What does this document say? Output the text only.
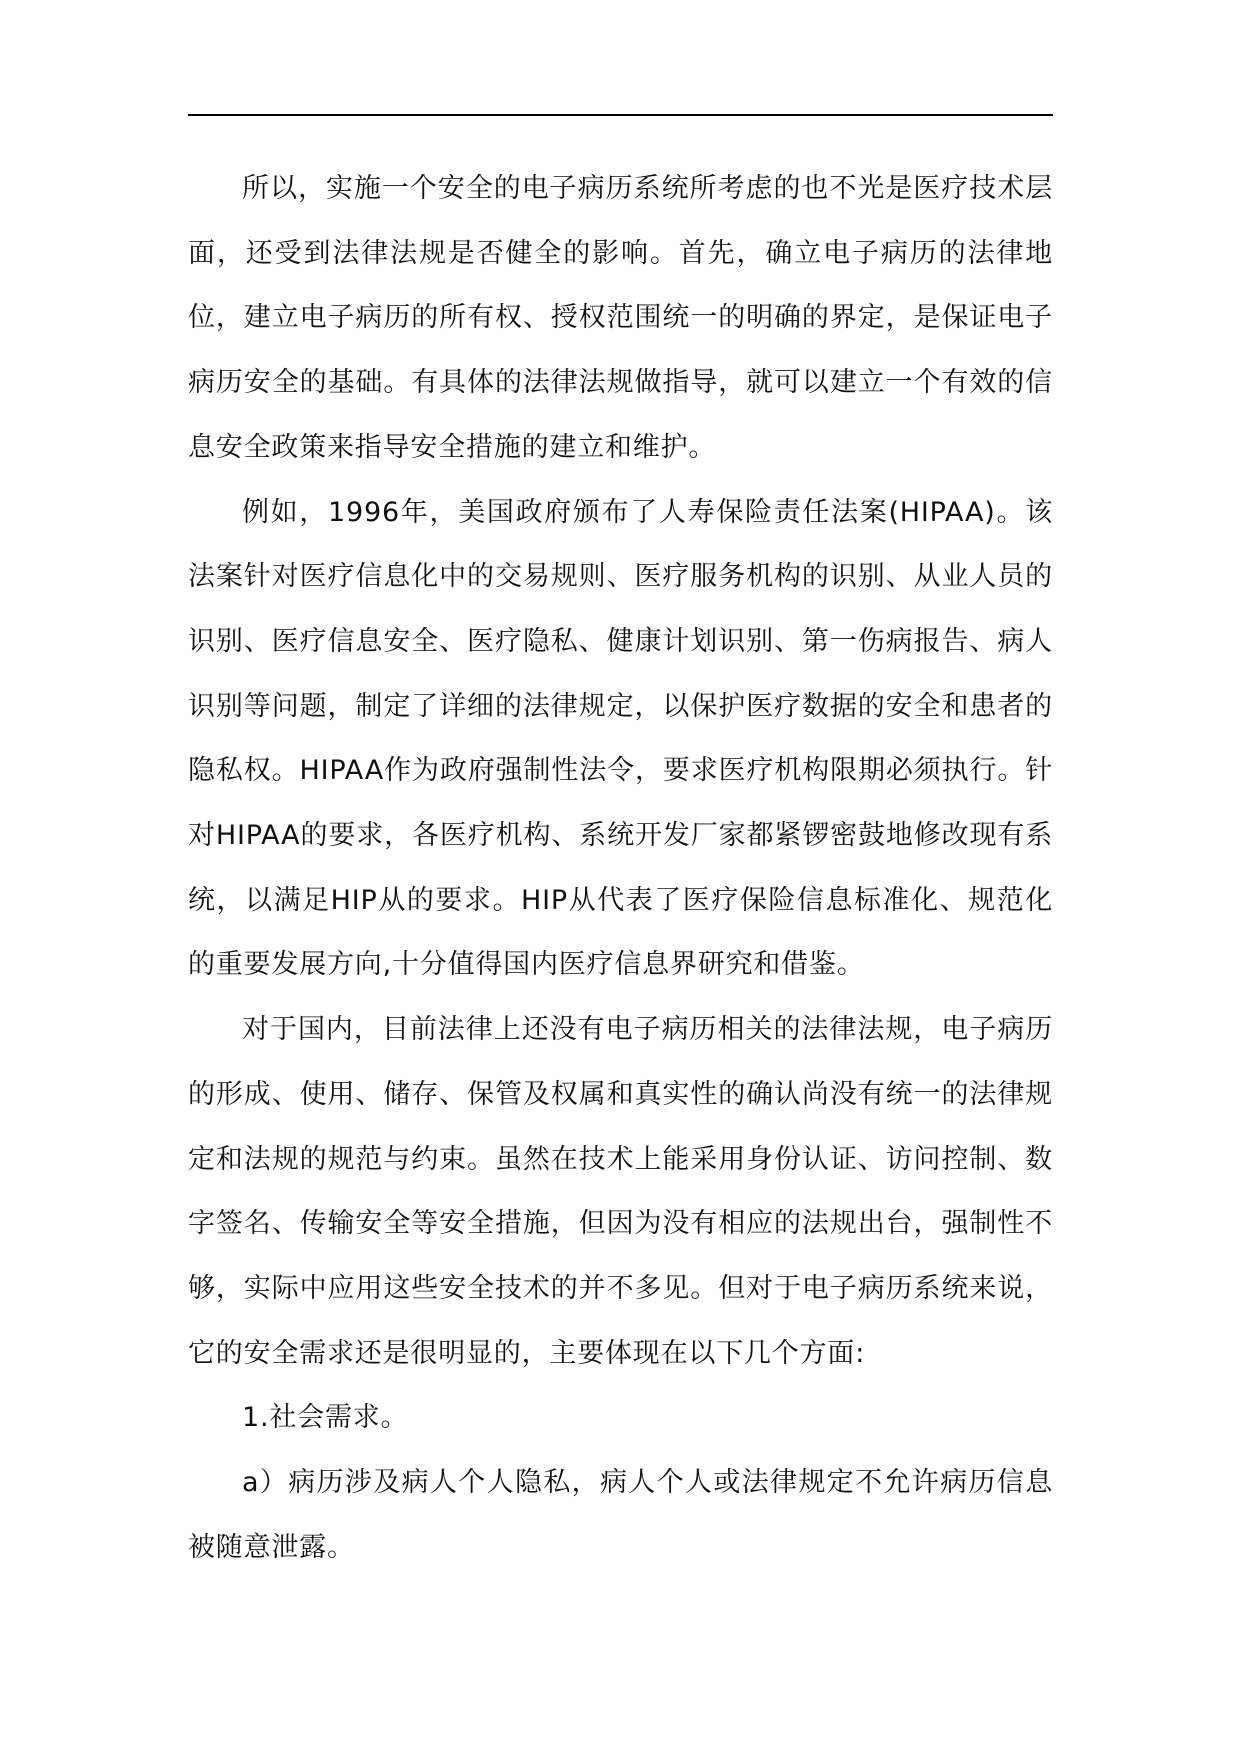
所以，实施一个安全的电子病历系统所考虑的也不光是医疗技术层面，还受到法律法规是否健全的影响。首先，确立电子病历的法律地位，建立电子病历的所有权、授权范围统一的明确的界定，是保证电子病历安全的基础。有具体的法律法规做指导，就可以建立一个有效的信息安全政策来指导安全措施的建立和维护。

例如，1996年，美国政府颁布了人寿保险责任法案(HIPAA)。该法案针对医疗信息化中的交易规则、医疗服务机构的识别、从业人员的识别、医疗信息安全、医疗隐私、健康计划识别、第一伤病报告、病人识别等问题，制定了详细的法律规定，以保护医疗数据的安全和患者的隐私权。HIPAA作为政府强制性法令，要求医疗机构限期必须执行。针对HIPAA的要求，各医疗机构、系统开发厂家都紧锣密鼓地修改现有系统，以满足HIP从的要求。HIP从代表了医疗保险信息标准化、规范化的重要发展方向,十分值得国内医疗信息界研究和借鉴。

对于国内，目前法律上还没有电子病历相关的法律法规，电子病历的形成、使用、储存、保管及权属和真实性的确认尚没有统一的法律规定和法规的规范与约束。虽然在技术上能采用身份认证、访问控制、数字签名、传输安全等安全措施，但因为没有相应的法规出台，强制性不够，实际中应用这些安全技术的并不多见。但对于电子病历系统来说，它的安全需求还是很明显的，主要体现在以下几个方面:

1.社会需求。

a）病历涉及病人个人隐私，病人个人或法律规定不允许病历信息被随意泄露。
